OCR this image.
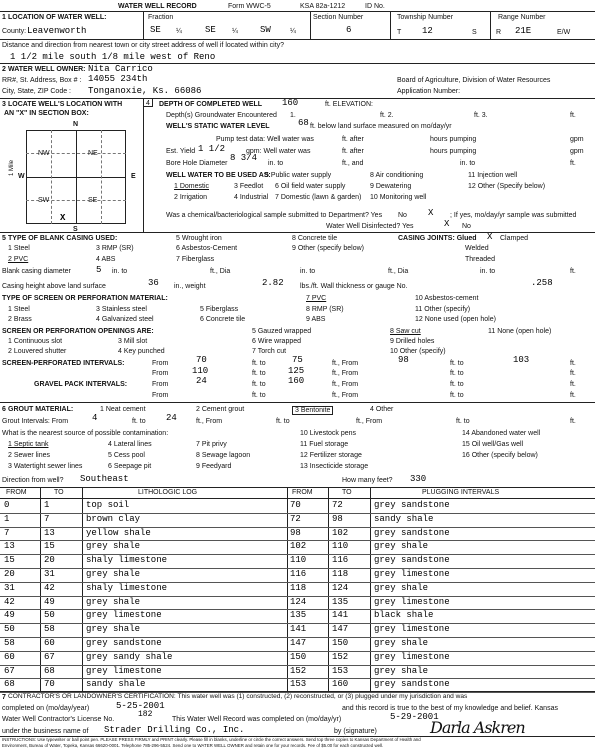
WATER WELL RECORD	Form WWC-5	KSA 82a-1212	ID No.
1 LOCATION OF WATER WELL:	Fraction	Section Number	Township Number	Range Number
County: Leavenworth	SE ¼	SE ¼ SW	¼	6	T 12	S	R 21E	E/W
Distance and direction from nearest town or city street address of well if located within city?
1 1/2 mile south 1/8 mile west of Reno
2 WATER WELL OWNER: Nita Carrico
RR#, St. Address, Box # : 14055 234th
City, State, ZIP Code : Tonganoxie, Ks. 66086
Board of Agriculture, Division of Water Resources
Application Number:
3 LOCATE WELL'S LOCATION WITH
AN "X" IN SECTION BOX:
4
N
S
W	E
NW	NE
SW	SE
1 Mile
X
DEPTH OF COMPLETED WELL 160	ft. ELEVATION:
Depth(s) Groundwater Encountered 1.	ft. 2.	ft. 3.	ft.
WELL'S STATIC WATER LEVEL	68 ft. below land surface measured on mo/day/yr
Pump test data: Well water was	ft. after	hours pumping	gpm
Est. Yield 1 1/2	gpm: Well water was	ft. after	hours pumping	gpm
Bore Hole Diameter
8 3/4
in. to	ft., and	in. to	ft.
WELL WATER TO BE USED AS:
1 Domestic	3 Feedlot
5 Public water supply	8 Air conditioning	11 Injection well
2 Irrigation	4 Industrial
6 Oil field water supply	9 Dewatering	12 Other (Specify below)
7 Domestic (lawn & garden) 10 Monitoring well
Was a chemical/bacteriological sample submitted to Department? Yes No X ; If yes, mo/day/yr sample was submitted
Water Well Disinfected? Yes	X No
5 TYPE OF BLANK CASING USED:
1 Steel
2 PVC
3 RMP (SR)
4 ABS
5 Wrought iron
6 Asbestos-Cement
7 Fiberglass
8 Concrete tile
9 Other (specify below)
CASING JOINTS: Glued X Clamped
Welded
Threaded
Blank casing diameter	5 in. to	ft., Dia	in. to	ft., Dia	in. to	ft.
Casing height above land surface	36 in., weight	2.82 lbs./ft. Wall thickness or gauge No.	.258
TYPE OF SCREEN OR PERFORATION MATERIAL:
1 Steel
2 Brass
3 Stainless steel
4 Galvanized steel
5 Fiberglass
6 Concrete tile
7 PVC
8 RMP (SR)
9 ABS
10 Asbestos-cement
11 Other (specify)
12 None used (open hole)
SCREEN OR PERFORATION OPENINGS ARE:
1 Continuous slot
2 Louvered shutter
3 Mill slot
4 Key punched
5 Gauzed wrapped
6 Wire wrapped
7 Torch cut
8 Saw cut
9 Drilled holes
10 Other (specify)
11 None (open hole)
SCREEN-PERFORATED INTERVALS:	From	70	ft. to	75	ft., From	98	ft. to	103	ft.
From	110	ft. to 125	ft., From	ft. to	ft.
GRAVEL PACK INTERVALS:	From	24	ft. to 160	ft., From	ft. to	ft.
From	ft. to	ft., From	ft. to	ft.
6 GROUT MATERIAL:	1 Neat cement	2 Cement grout	3 Bentonite	4 Other
Grout Intervals: From	4	ft. to 24	ft., From	ft. to	ft., From	ft. to	ft.
What is the nearest source of possible contamination:
1 Septic tank	4 Lateral lines	7 Pit privy
10 Livestock pens	14 Abandoned water well
2 Sewer lines	5 Cess pool	8 Sewage lagoon
11 Fuel storage	15 Oil well/Gas well
3 Watertight sewer lines	6 Seepage pit	9 Feedyard
12 Fertilizer storage	16 Other (specify below)
13 Insecticide storage
Direction from well? Southeast	How many feet? 330
FROM	TO	LITHOLOGIC LOG	FROM	TO	PLUGGING INTERVALS
0	1	top soil	70	72	grey sandstone
1	7	brown clay	72	98	sandy shale
7	13	yellow shale	98	102	grey sandstone
13	15	grey shale	102	110	grey shale
15	20	shaly limestone	110	116	grey sandstone
20	31	grey shale	116	118	grey limestone
31	42	shaly limestone	118	124	grey shale
42	49	grey shale	124	135	grey limestone
49	50	grey limestone	135	141	black shale
50	58	grey shale	141	147	grey limestone
58	60	grey sandstone	147	150	grey shale
60	67	grey sandy shale	150	152	grey limestone
67	68	grey limestone	152	153	grey shale
68	70	sandy shale	153	160	grey sandstone
7 CONTRACTOR'S OR LANDOWNER'S CERTIFICATION: This water well was (1) constructed, (2) reconstructed, or (3) plugged under my jurisdiction and was
completed on (mo/day/year)	5-25-2001	and this record is true to the best of my knowledge and belief. Kansas
Water Well Contractor's License No.
182
This Water Well Record was completed on (mo/day/yr)	5-29-2001
under the business name of Strader Drilling Co., Inc.	by (signature)	Darla Askren
INSTRUCTIONS: Use typewriter or ball point pen. PLEASE PRESS FIRMLY and PRINT clearly. Please fill in blanks, underline or circle the correct answers. Send top three copies to Kansas Department of Health and
Environment, Bureau of Water, Topeka, Kansas 66620-0001. Telephone 785-296-5524. Send one to WATER WELL OWNER and retain one for your records. Fee of $5.00 for each constructed well.
